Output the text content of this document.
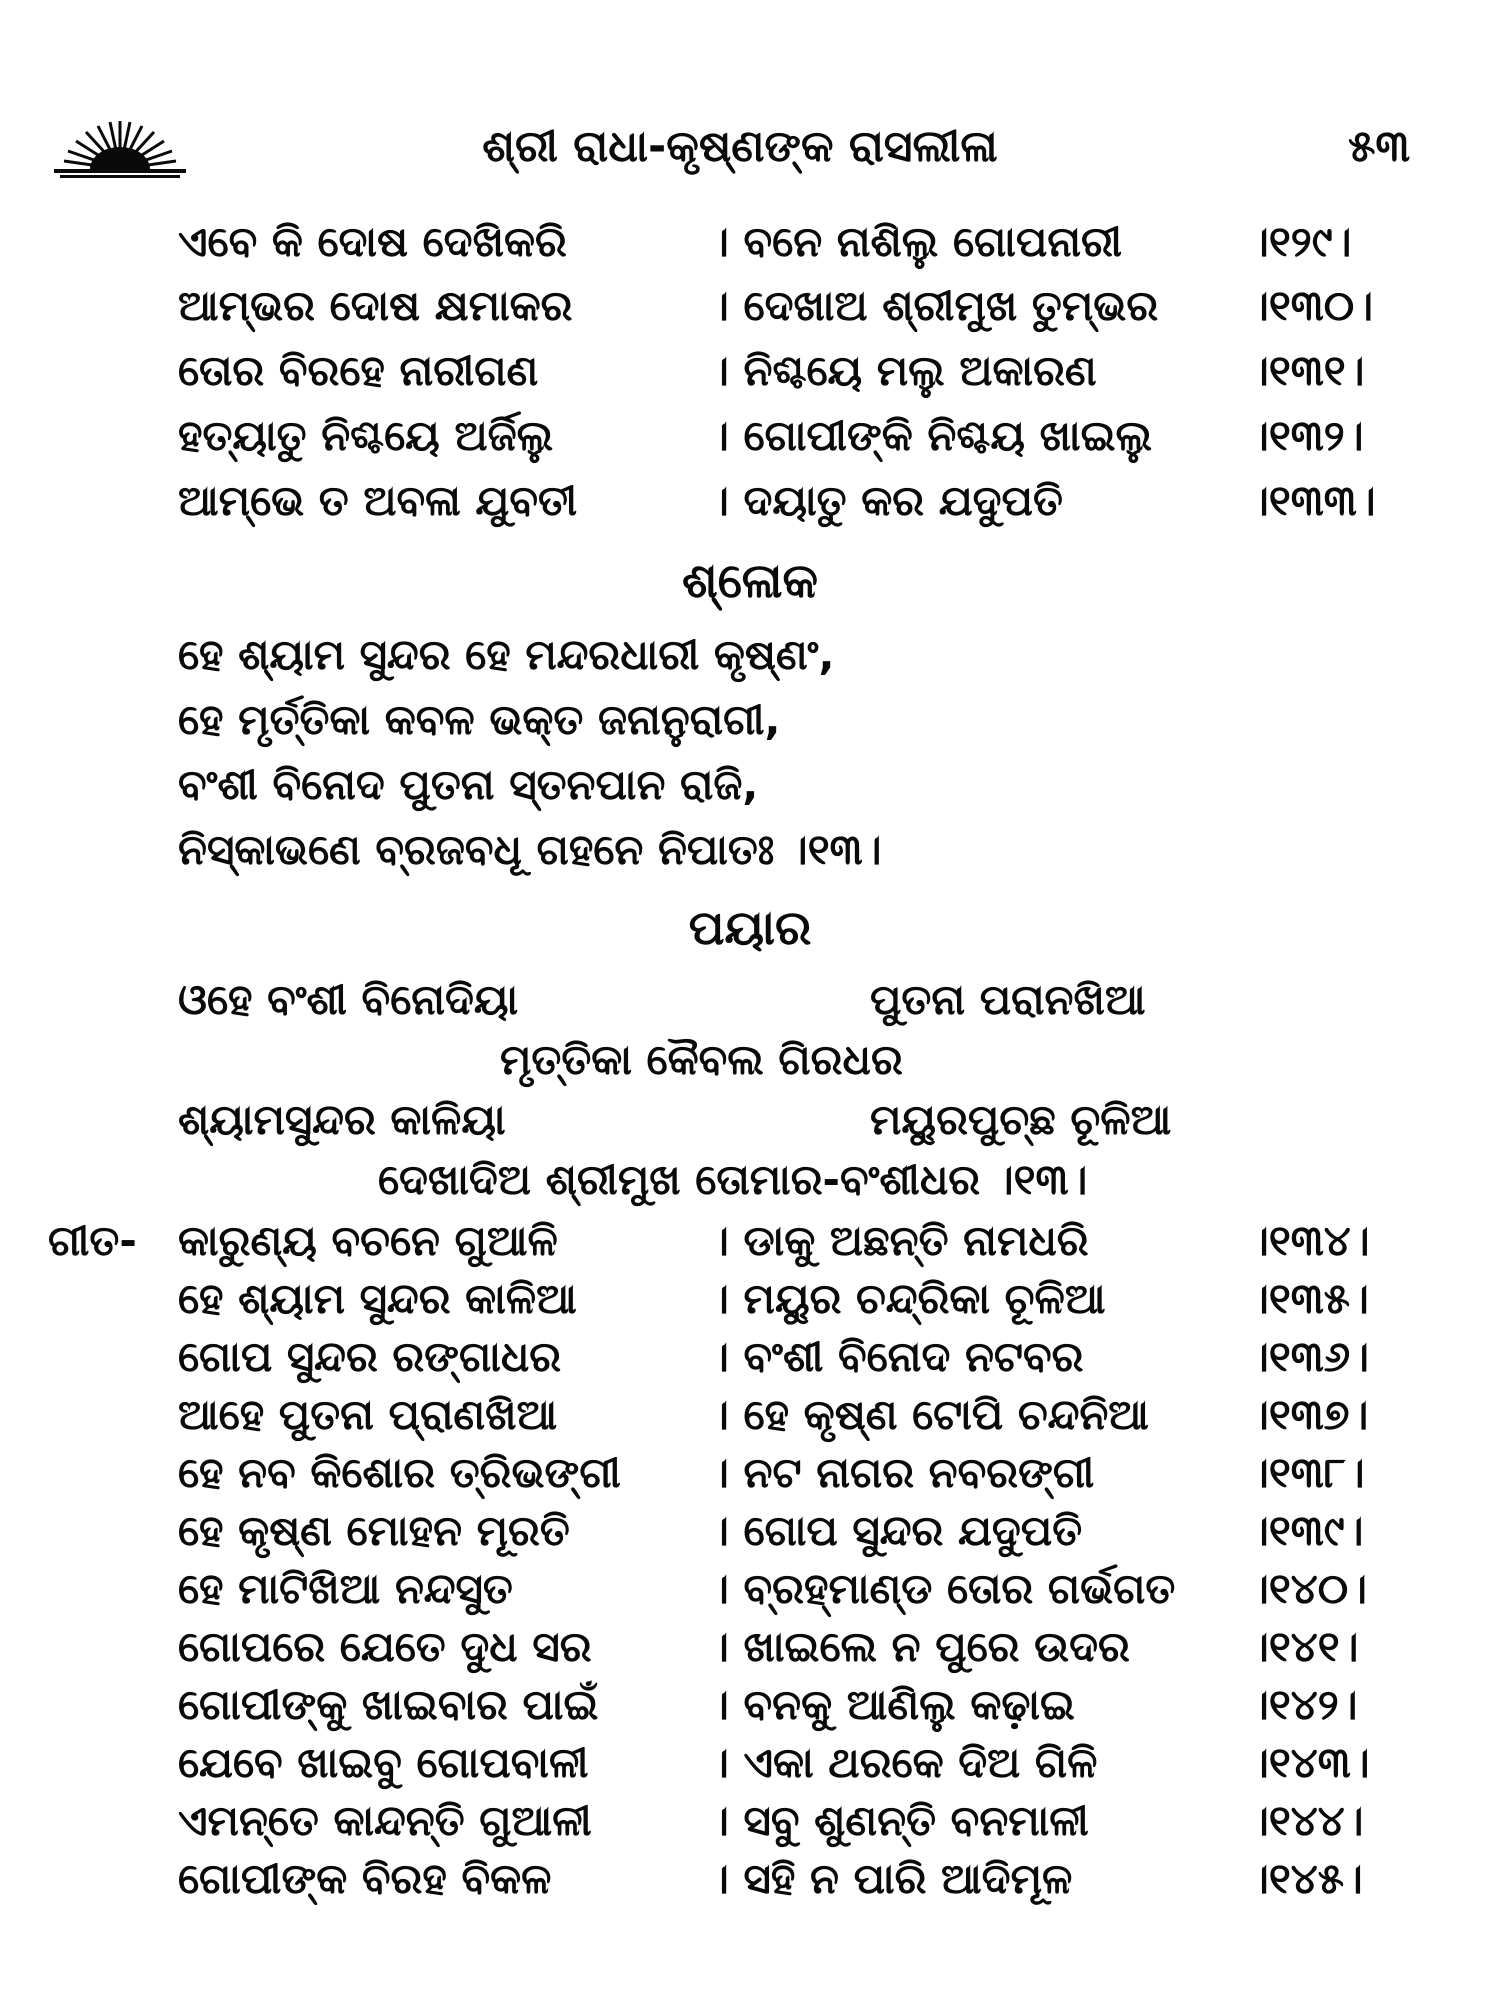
ଶ୍ରୀ ରାଧା-କୃଷ୍ଣଙ୍କ ରାସଲୀଳା	୫୩
ଏବେ କି ଦୋଷ ଦେଖିକରି	। ବନେ ନାଶିଲୁ ଗୋପନାରୀ	।୧୨୯।
ଆମ୍ଭର ଦୋଷ କ୍ଷମାକର	। ଦେଖାଅ ଶ୍ରୀମୁଖ ତୁମ୍ଭର ।୧୩୦।
ତୋର ବିରହେ ନାରୀଗଣ	। ନିଶ୍ଚୟେ ମଲୁ ଅକାରଣ	।୧୩୧।
ହତ୍ୟାତୁ ନିଶ୍ଚୟେ ଅର୍ଜିଲୁ	। ଗୋପୀଙ୍କି ନିଶ୍ଚୟ ଖାଇଲୁ ।୧୩୨।
ଆମ୍ଭେ ତ ଅବଳା ଯୁବତୀ	। ଦୟାତୁ କର ଯଦୁପତି	।୧୩୩।
ଶ୍ଳୋକ
ହେ ଶ୍ୟାମ ସୁନ୍ଦର ହେ ମନ୍ଦରଧାରୀ କୃଷ୍ଣଂ,
ହେ ମୃର୍ତ୍ତିକା କବଳ ଭକ୍ତ ଜନାନୁରାଗୀ,
ବଂଶୀ ବିନୋଦ ପୁତନା ସ୍ତନପାନ ରାଜି,
ନିସ୍କାଭଣେ ବ୍ରଜବଧୂ ଗହନେ ନିପାତଃ ।୧୩।
ପୟାର
ଓହେ ବଂଶୀ ବିନୋଦିୟା	ପୁତନା ପରାନଖିଆ
ମୃତ୍ତିକା କୈବଲ ଗିରଧର
ଶ୍ୟାମସୁନ୍ଦର କାଳିୟା	ମୟୁରପୁଚ୍ଛ ଚୂଳିଆ
ଦେଖାଦିଅ ଶ୍ରୀମୁଖ ତୋମାର-ବଂଶୀଧର ।୧୩।
ଗୀତ- କାରୁଣ୍ୟ ବଚନେ ଗୁଆଳି	। ଡାକୁ ଅଛନ୍ତି ନାମଧରି	।୧୩୪।
ହେ ଶ୍ୟାମ ସୁନ୍ଦର କାଳିଆ	। ମୟୁର ଚନ୍ଦ୍ରିକା ଚୂଳିଆ	।୧୩୫।
ଗୋପ ସୁନ୍ଦର ରଙ୍ଗାଧର	। ବଂଶୀ ବିନୋଦ ନଟବର	।୧୩୬।
ଆହେ ପୁତନା ପ୍ରାଣଖିଆ	। ହେ କୃଷ୍ଣ ଟୋପି ଚନ୍ଦନିଆ ।୧୩୭।
ହେ ନବ କିଶୋର ତ୍ରିଭଙ୍ଗୀ । ନଟ ନାଗର ନବରଙ୍ଗୀ	।୧୩୮।
ହେ କୃଷ୍ଣ ମୋହନ ମୂରତି	। ଗୋପ ସୁନ୍ଦର ଯଦୁପତି	।୧୩୯।
ହେ ମାଟିଖିଆ ନନ୍ଦସୁତ	। ବ୍ରହ୍ମାଣ୍ଡ ତୋର ଗର୍ଭଗତ ।୧୪୦।
ଗୋପରେ ଯେତେ ଦୁଧ ସର	। ଖାଇଲେ ନ ପୁରେ ଉଦର	।୧୪୧।
ଗୋପୀଙ୍କୁ ଖାଇବାର ପାଇଁ	। ବନକୁ ଆଣିଲୁ କଢ଼ାଇ	।୧୪୨।
ଯେବେ ଖାଇବୁ ଗୋପବାଳୀ	। ଏକା ଥରକେ ଦିଅ ଗିଳି	।୧୪୩।
ଏମନ୍ତେ କାନ୍ଦନ୍ତି ଗୁଆଳୀ	। ସବୁ ଶୁଣନ୍ତି ବନମାଳୀ	।୧୪୪।
ଗୋପୀଙ୍କ ବିରହ ବିକଳ	। ସହି ନ ପାରି ଆଦିମୂଳ	।୧୪୫।
